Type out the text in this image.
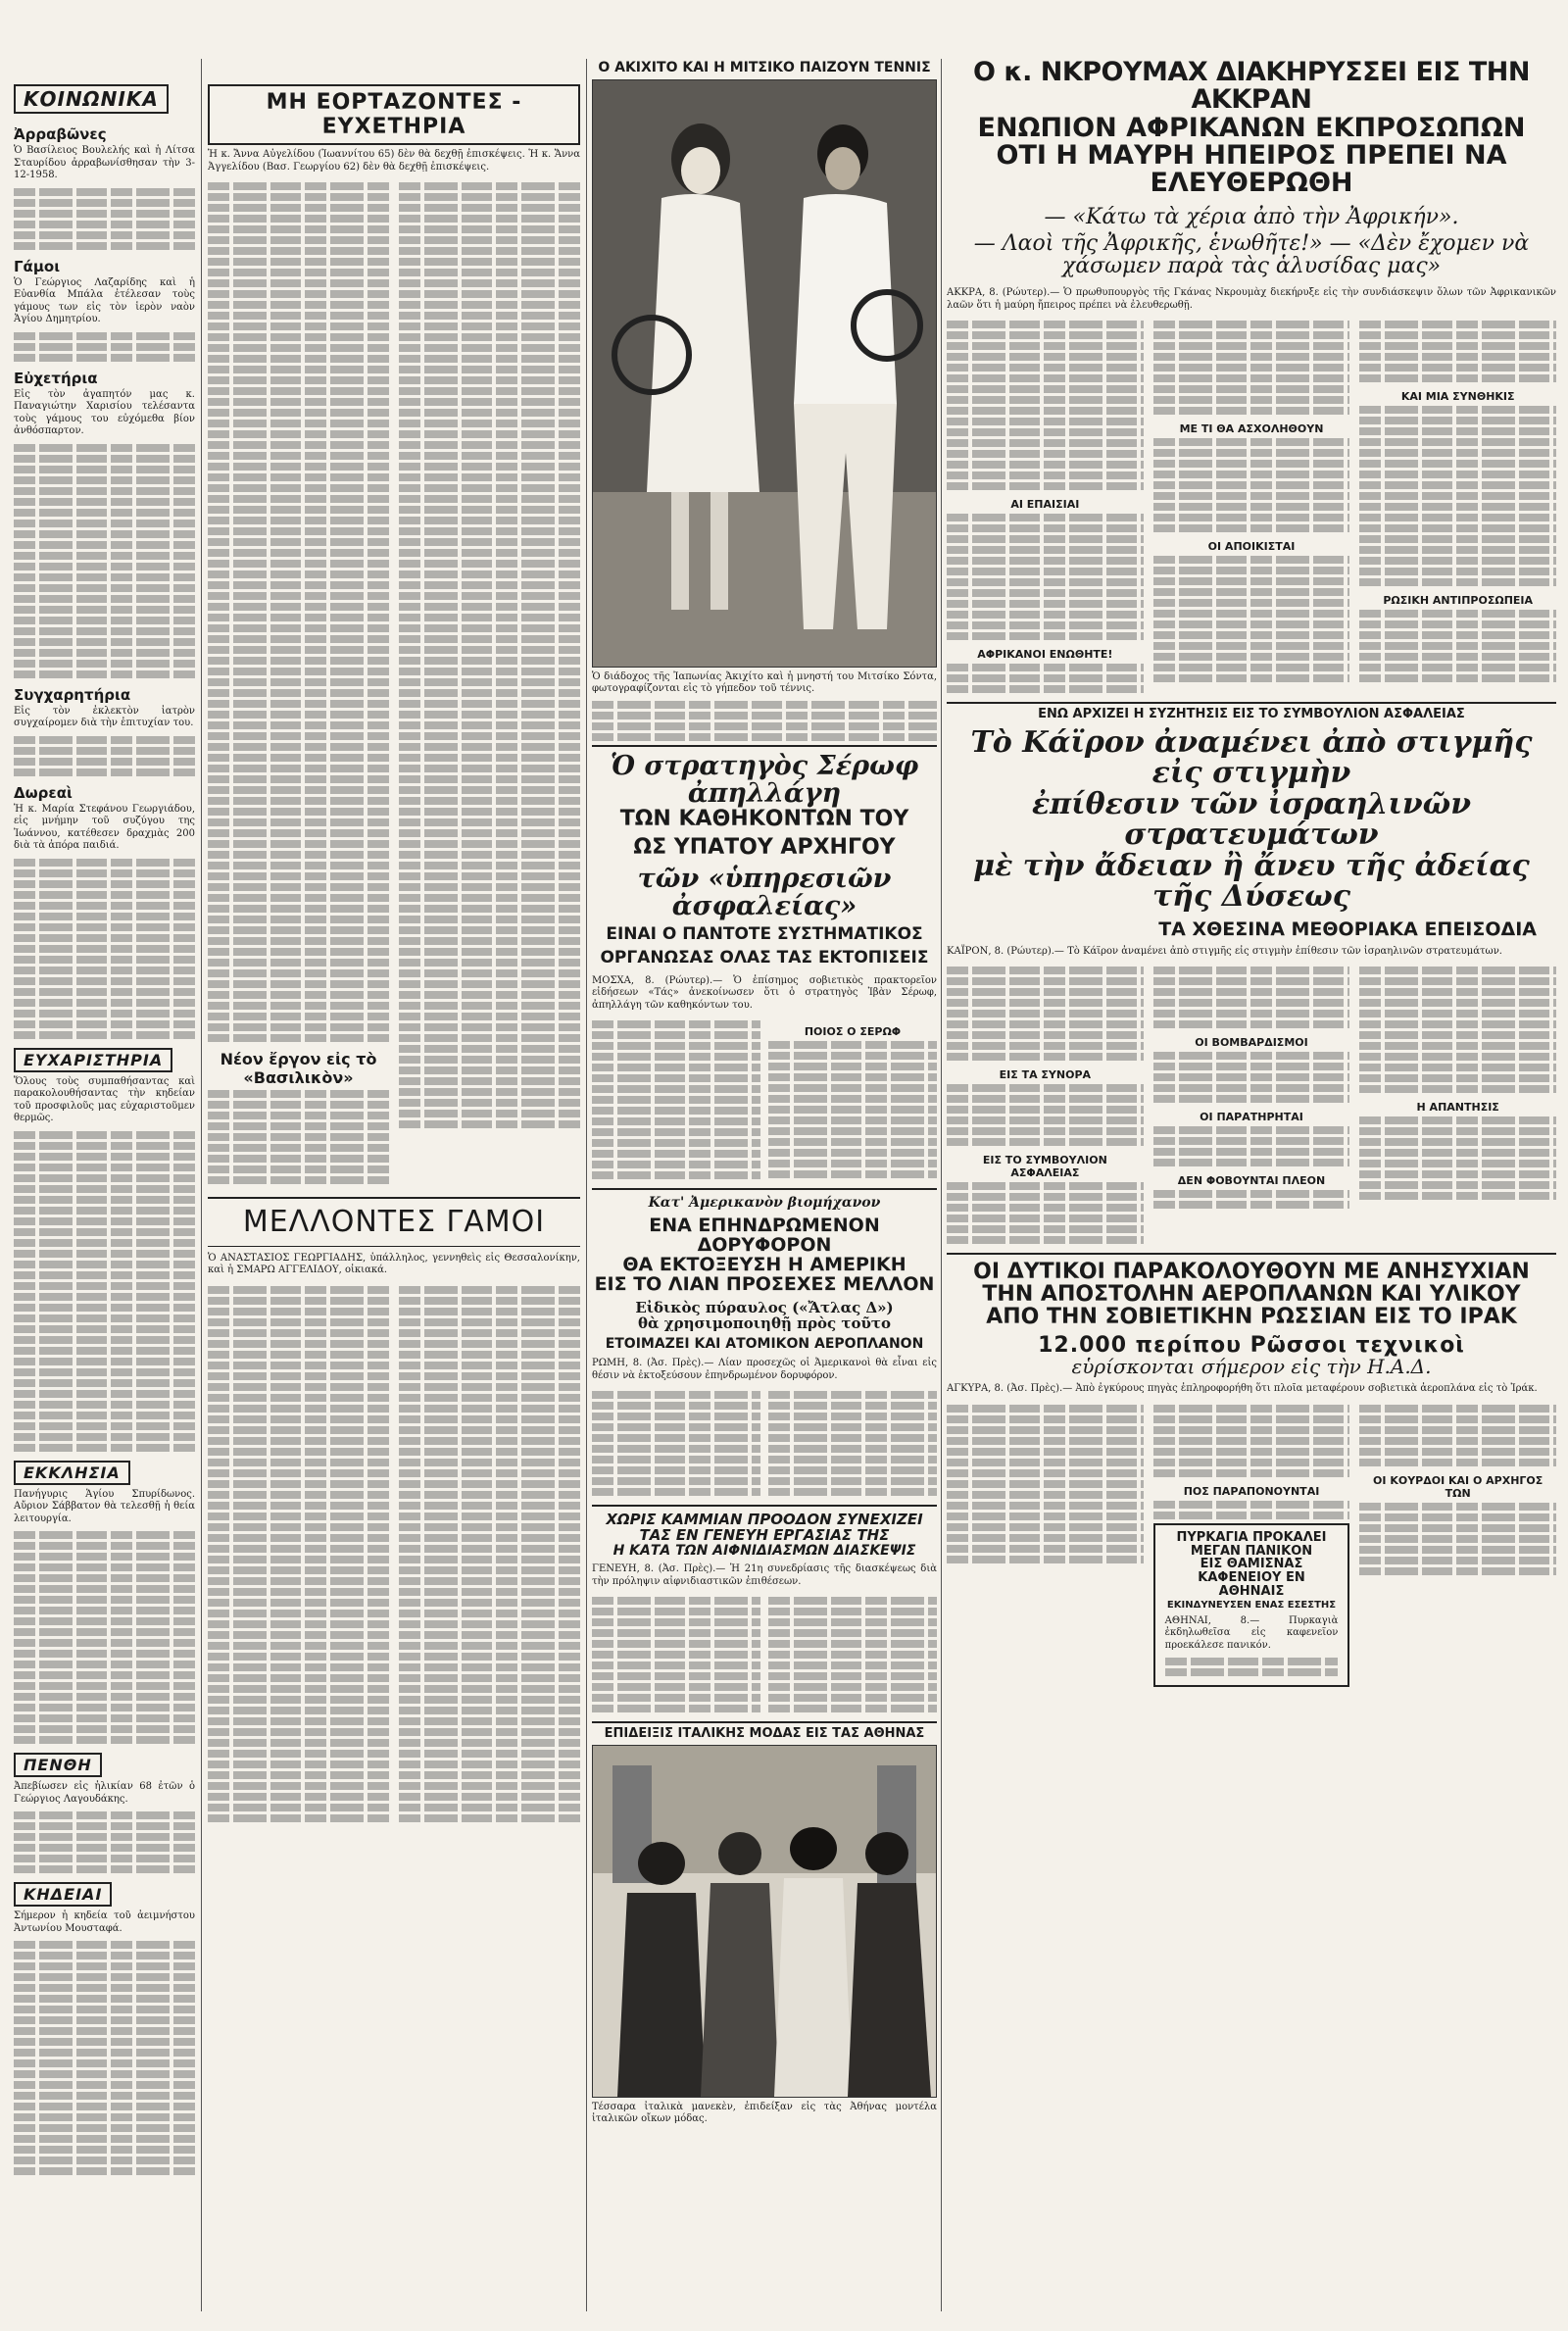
ΚΟΙΝΩΝΙΚΑ
Ἀρραβῶνες

Ὁ Βασίλειος Βουλελής καὶ ἡ Λίτσα Σταυρίδου ἀρραβωνίσθησαν τὴν 3-12-1958.

Γάμοι

Ὁ Γεώργιος Λαζαρίδης καὶ ἡ Εὐανθία Μπάλα ἐτέλεσαν τοὺς γάμους των εἰς τὸν ἱερὸν ναὸν Ἁγίου Δημητρίου.

Εὐχετήρια

Εἰς τὸν ἀγαπητόν μας κ. Παναγιώτην Χαρισίου τελέσαντα τοὺς γάμους του εὐχόμεθα βίον ἀνθόσπαρτον.

Συγχαρητήρια

Εἰς τὸν ἐκλεκτὸν ἰατρὸν συγχαίρομεν διὰ τὴν ἐπιτυχίαν του.

Δωρεαὶ

Ἡ κ. Μαρία Στεφάνου Γεωργιάδου, εἰς μνήμην τοῦ συζύγου της Ἰωάννου, κατέθεσεν δραχμὰς 200 διὰ τὰ ἀπόρα παιδιά.

ΕΥΧΑΡΙΣΤΗΡΙΑ

Ὅλους τοὺς συμπαθήσαντας καὶ παρακολουθήσαντας τὴν κηδείαν τοῦ προσφιλοῦς μας εὐχαριστοῦμεν θερμῶς.

ΕΚΚΛΗΣΙΑ

Πανήγυρις Ἁγίου Σπυρίδωνος. Αὔριον Σάββατον θὰ τελεσθῇ ἡ θεία λειτουργία.

ΠΕΝΘΗ

Ἀπεβίωσεν εἰς ἡλικίαν 68 ἐτῶν ὁ Γεώργιος Λαγουδάκης.

ΚΗΔΕΙΑΙ

Σήμερον ἡ κηδεία τοῦ ἀειμνήστου Ἀντωνίου Μουσταφά.

ΜΗ ΕΟΡΤΑΖΟΝΤΕΣ - ΕΥΧΕΤΗΡΙΑ

Ἡ κ. Ἄννα Αὐγελίδου (Ἰωαννίτου 65) δὲν θὰ δεχθῇ ἐπισκέψεις. Ἡ κ. Ἄννα Ἀγγελίδου (Βασ. Γεωργίου 62) δὲν θὰ δεχθῇ ἐπισκέψεις.

Νέον ἔργον εἰς τὸ «Βασιλικὸν»
ΜΕΛΛΟΝΤΕΣ ΓΑΜΟΙ

Ὁ ΑΝΑΣΤΑΣΙΟΣ ΓΕΩΡΓΙΑΔΗΣ, ὑπάλληλος, γεννηθεὶς εἰς Θεσσαλονίκην, καὶ ἡ ΣΜΑΡΩ ΑΓΓΕΛΙΔΟΥ, οἰκιακά.

Ο ΑΚΙΧΙΤΟ ΚΑΙ Η ΜΙΤΣΙΚΟ ΠΑΙΖΟΥΝ ΤΕΝΝΙΣ

Ὁ διάδοχος τῆς Ἰαπωνίας Ἀκιχίτο καὶ ἡ μνηστή του Μιτσίκο Σόντα, φωτογραφίζονται εἰς τὸ γήπεδον τοῦ τέννις.

Ὁ στρατηγὸς Σέρωφ ἀπηλλάγη
ΤΩΝ ΚΑΘΗΚΟΝΤΩΝ ΤΟΥ
ΩΣ ΥΠΑΤΟΥ ΑΡΧΗΓΟΥ
τῶν «ὑπηρεσιῶν ἀσφαλείας»
ΕΙΝΑΙ Ο ΠΑΝΤΟΤΕ ΣΥΣΤΗΜΑΤΙΚΟΣ
ΟΡΓΑΝΩΣΑΣ ΟΛΑΣ ΤΑΣ ΕΚΤΟΠΙΣΕΙΣ

ΜΟΣΧΑ, 8. (Ρώυτερ).— Ὁ ἐπίσημος σοβιετικὸς πρακτορεῖον εἰδήσεων «Τάς» ἀνεκοίνωσεν ὅτι ὁ στρατηγὸς Ἰβὰν Σέρωφ, ἀπηλλάγη τῶν καθηκόντων του.

ΠΟΙΟΣ Ο ΣΕΡΩΦ
Κατ' Ἀμερικανὸν βιομήχανον
ΕΝΑ ΕΠΗΝΔΡΩΜΕΝΟΝ ΔΟΡΥΦΟΡΟΝ
ΘΑ ΕΚΤΟΞΕΥΣΗ Η ΑΜΕΡΙΚΗ
ΕΙΣ ΤΟ ΛΙΑΝ ΠΡΟΣΕΧΕΣ ΜΕΛΛΟΝ
Εἰδικὸς πύραυλος («Ἄτλας Δ»)
θὰ χρησιμοποιηθῇ πρὸς τοῦτο
ΕΤΟΙΜΑΖΕΙ ΚΑΙ ΑΤΟΜΙΚΟΝ ΑΕΡΟΠΛΑΝΟΝ

ΡΩΜΗ, 8. (Ἀσ. Πρὲς).— Λίαν προσεχῶς οἱ Ἀμερικανοὶ θὰ εἶναι εἰς θέσιν νὰ ἐκτοξεύσουν ἐπηνδρωμένον δορυφόρον.

ΧΩΡΙΣ ΚΑΜΜΙΑΝ ΠΡΟΟΔΟΝ ΣΥΝΕΧΙΖΕΙ
ΤΑΣ ΕΝ ΓΕΝΕΥΗ ΕΡΓΑΣΙΑΣ ΤΗΣ
Η ΚΑΤΑ ΤΩΝ ΑΙΦΝΙΔΙΑΣΜΩΝ ΔΙΑΣΚΕΨΙΣ

ΓΕΝΕΥΗ, 8. (Ἀσ. Πρὲς).— Ἡ 21η συνεδρίασις τῆς διασκέψεως διὰ τὴν πρόληψιν αἰφνιδιαστικῶν ἐπιθέσεων.

ΕΠΙΔΕΙΞΙΣ ΙΤΑΛΙΚΗΣ ΜΟΔΑΣ ΕΙΣ ΤΑΣ ΑΘΗΝΑΣ

Τέσσαρα ἰταλικὰ μανεκὲν, ἐπιδείξαν εἰς τὰς Ἀθήνας μοντέλα ἰταλικῶν οἴκων μόδας.

Ο κ. ΝΚΡΟΥΜΑΧ ΔΙΑΚΗΡΥΣΣΕΙ ΕΙΣ ΤΗΝ ΑΚΚΡΑΝ
ΕΝΩΠΙΟΝ ΑΦΡΙΚΑΝΩΝ ΕΚΠΡΟΣΩΠΩΝ
ΟΤΙ Η ΜΑΥΡΗ ΗΠΕΙΡΟΣ ΠΡΕΠΕΙ ΝΑ ΕΛΕΥΘΕΡΩΘΗ
— «Κάτω τὰ χέρια ἀπὸ τὴν Ἀφρικήν».
— Λαοὶ τῆς Ἀφρικῆς, ἑνωθῆτε!» — «Δὲν ἔχομεν νὰ χάσωμεν παρὰ τὰς ἁλυσίδας μας»

ΑΚΚΡΑ, 8. (Ρώυτερ).— Ὁ πρωθυπουργὸς τῆς Γκάνας Νκρουμὰχ διεκήρυξε εἰς τὴν συνδιάσκεψιν ὅλων τῶν Ἀφρικανικῶν λαῶν ὅτι ἡ μαύρη ἤπειρος πρέπει νὰ ἐλευθερωθῇ.

ΑΙ ΕΠΑΙΣΙΑΙ
ΑΦΡΙΚΑΝΟΙ ΕΝΩΘΗΤΕ!
ΜΕ ΤΙ ΘΑ ΑΣΧΟΛΗΘΟΥΝ
ΟΙ ΑΠΟΙΚΙΣΤΑΙ
ΚΑΙ ΜΙΑ ΣΥΝΘΗΚΙΣ
ΡΩΣΙΚΗ ΑΝΤΙΠΡΟΣΩΠΕΙΑ
ΕΝΩ ΑΡΧΙΖΕΙ Η ΣΥΖΗΤΗΣΙΣ ΕΙΣ ΤΟ ΣΥΜΒΟΥΛΙΟΝ ΑΣΦΑΛΕΙΑΣ
Τὸ Κάϊρον ἀναμένει ἀπὸ στιγμῆς εἰς στιγμὴν
ἐπίθεσιν τῶν ἰσραηλινῶν στρατευμάτων
μὲ τὴν ἄδειαν ἢ ἄνευ τῆς ἀδείας τῆς Δύσεως
ΤΑ ΧΘΕΣΙΝΑ ΜΕΘΟΡΙΑΚΑ ΕΠΕΙΣΟΔΙΑ

ΚΑΪΡΟΝ, 8. (Ρώυτερ).— Τὸ Κάϊρον ἀναμένει ἀπὸ στιγμῆς εἰς στιγμὴν ἐπίθεσιν τῶν ἰσραηλινῶν στρατευμάτων.

ΕΙΣ ΤΑ ΣΥΝΟΡΑ
ΕΙΣ ΤΟ ΣΥΜΒΟΥΛΙΟΝ ΑΣΦΑΛΕΙΑΣ
ΟΙ ΒΟΜΒΑΡΔΙΣΜΟΙ
ΟΙ ΠΑΡΑΤΗΡΗΤΑΙ
ΔΕΝ ΦΟΒΟΥΝΤΑΙ ΠΛΕΟΝ
Η ΑΠΑΝΤΗΣΙΣ
ΟΙ ΔΥΤΙΚΟΙ ΠΑΡΑΚΟΛΟΥΘΟΥΝ ΜΕ ΑΝΗΣΥΧΙΑΝ
ΤΗΝ ΑΠΟΣΤΟΛΗΝ ΑΕΡΟΠΛΑΝΩΝ ΚΑΙ ΥΛΙΚΟΥ
ΑΠΟ ΤΗΝ ΣΟΒΙΕΤΙΚΗΝ ΡΩΣΣΙΑΝ ΕΙΣ ΤΟ ΙΡΑΚ
12.000 περίπου Ρῶσσοι τεχνικοὶ
εὑρίσκονται σήμερον εἰς τὴν Η.Α.Δ.

ΑΓΚΥΡΑ, 8. (Ἀσ. Πρὲς).— Ἀπὸ ἐγκύρους πηγὰς ἐπληροφορήθη ὅτι πλοῖα μεταφέρουν σοβιετικὰ ἀεροπλάνα εἰς τὸ Ἰράκ.

ΠΟΣ ΠΑΡΑΠΟΝΟΥΝΤΑΙ
ΠΥΡΚΑΓΙΑ ΠΡΟΚΑΛΕΙ
ΜΕΓΑΝ ΠΑΝΙΚΟΝ
ΕΙΣ ΘΑΜΙΣΝΑΣ
ΚΑΦΕΝΕΙΟΥ ΕΝ ΑΘΗΝΑΙΣ
ΕΚΙΝΔΥΝΕΥΣΕΝ ΕΝΑΣ ΕΣΕΣΤΗΣ

ΑΘΗΝΑΙ, 8.— Πυρκαγιὰ ἐκδηλωθεῖσα εἰς καφενεῖον προεκάλεσε πανικόν.

ΟΙ ΚΟΥΡΔΟΙ ΚΑΙ Ο ΑΡΧΗΓΟΣ ΤΩΝ
